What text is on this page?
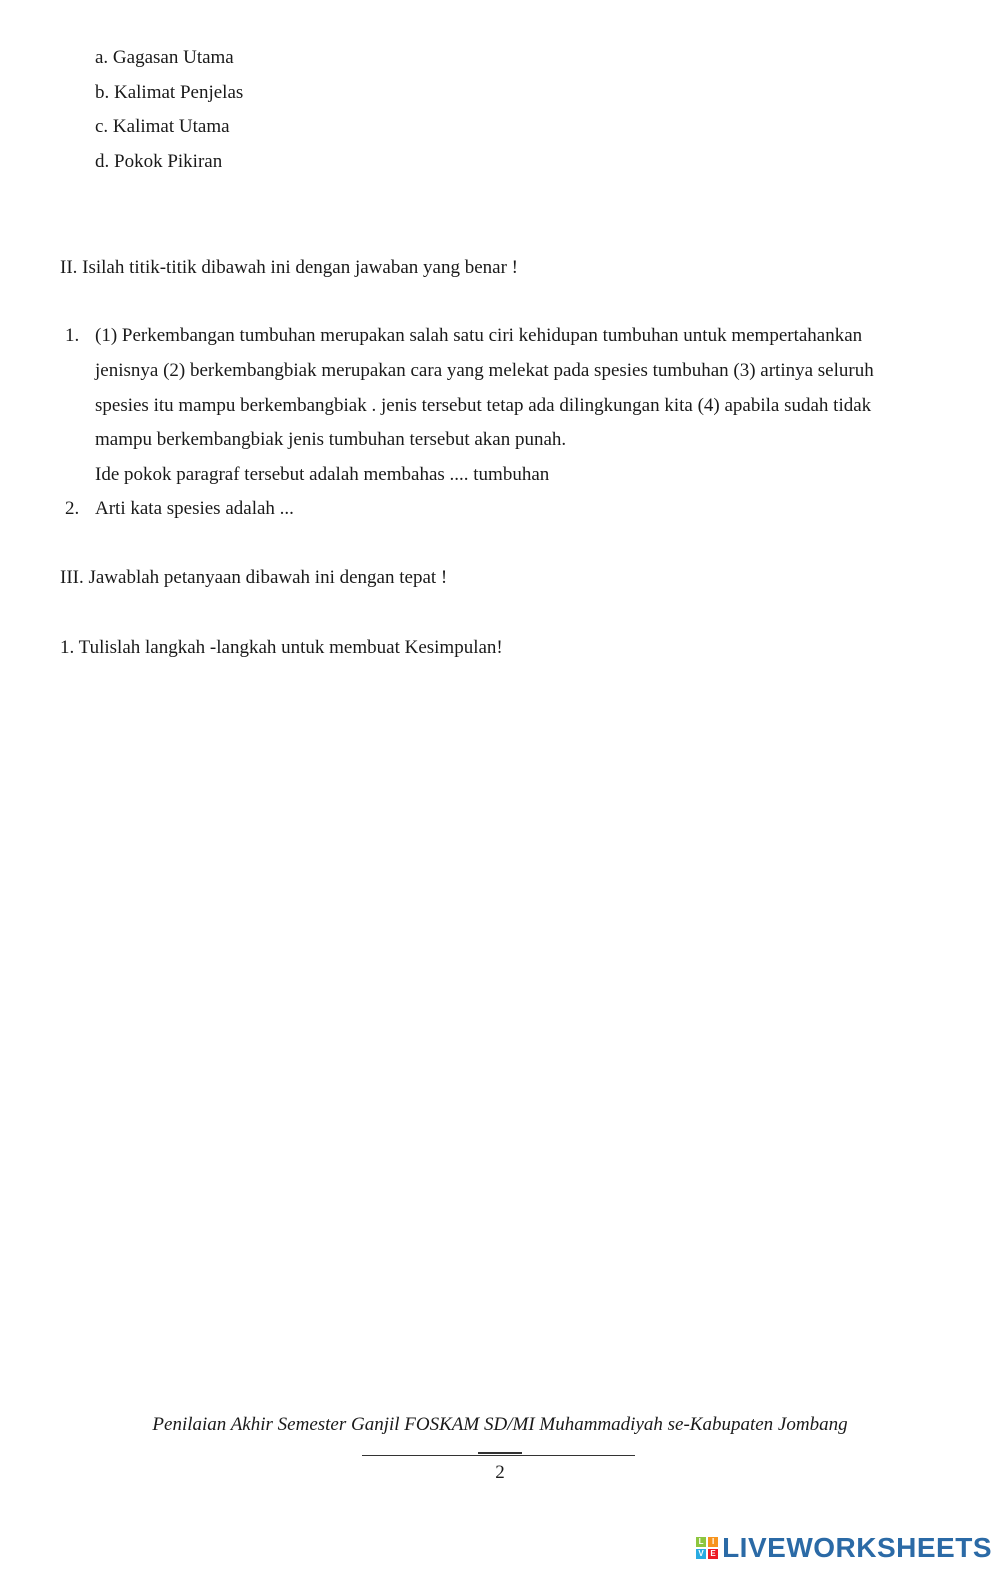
a. Gagasan Utama
b. Kalimat Penjelas
c. Kalimat Utama
d. Pokok Pikiran
II. Isilah titik-titik dibawah ini dengan jawaban yang benar !
1. (1) Perkembangan tumbuhan merupakan salah satu ciri kehidupan tumbuhan untuk mempertahankan
jenisnya (2) berkembangbiak merupakan cara yang melekat pada spesies tumbuhan (3) artinya seluruh
spesies itu mampu berkembangbiak . jenis tersebut tetap ada dilingkungan kita (4) apabila sudah tidak
mampu berkembangbiak jenis tumbuhan tersebut akan punah.
Ide pokok paragraf tersebut adalah membahas .... tumbuhan
2. Arti kata spesies adalah ...
III. Jawablah petanyaan dibawah ini dengan tepat !
1. Tulislah langkah -langkah untuk membuat Kesimpulan!
Penilaian Akhir Semester Ganjil FOSKAM SD/MI Muhammadiyah se-Kabupaten Jombang
2
L	I
V E LIVEWORKSHEETS
